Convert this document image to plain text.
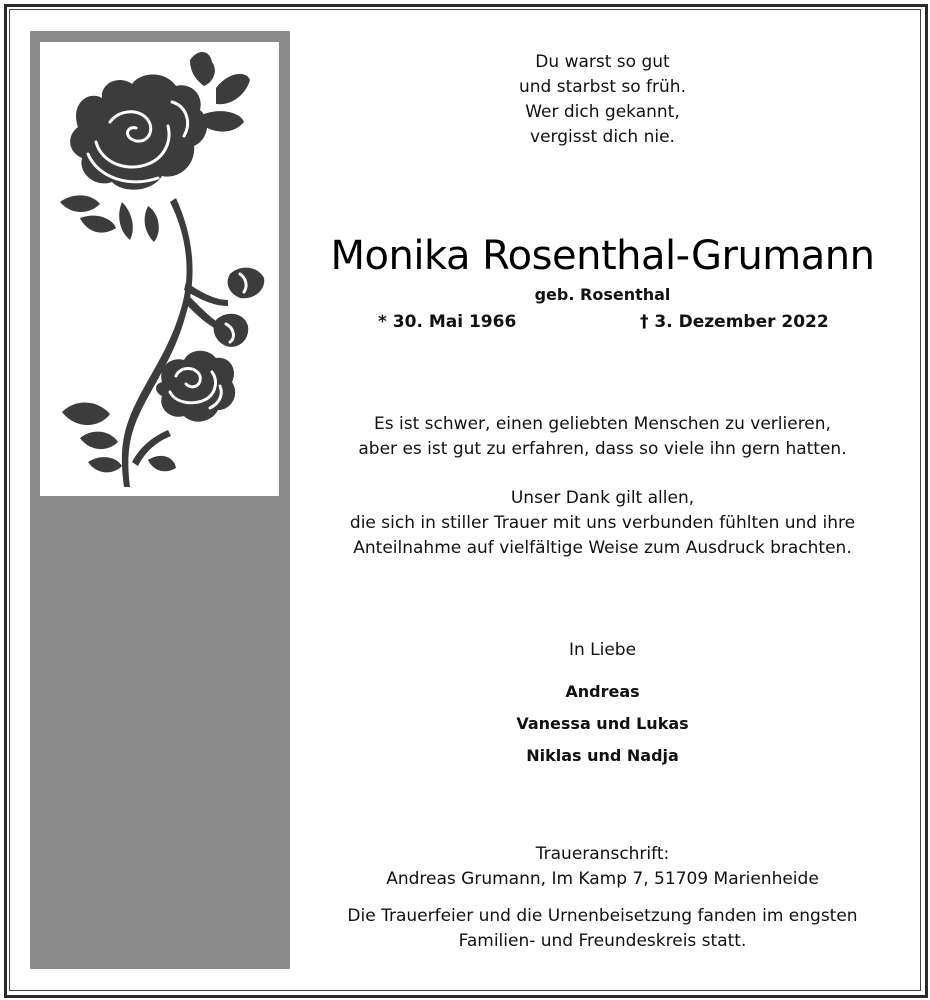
Du warst so gut
und starbst so früh.
Wer dich gekannt,
vergisst dich nie.
Monika Rosenthal-Grumann
geb. Rosenthal
* 30. Mai 1966	† 3. Dezember 2022
Es ist schwer, einen geliebten Menschen zu verlieren,
aber es ist gut zu erfahren, dass so viele ihn gern hatten.
Unser Dank gilt allen,
die sich in stiller Trauer mit uns verbunden fühlten und ihre
Anteilnahme auf vielfältige Weise zum Ausdruck brachten.
In Liebe
Andreas
Vanessa und Lukas
Niklas und Nadja
Traueranschrift:
Andreas Grumann, Im Kamp 7, 51709 Marienheide
Die Trauerfeier und die Urnenbeisetzung fanden im engsten
Familien- und Freundeskreis statt.
